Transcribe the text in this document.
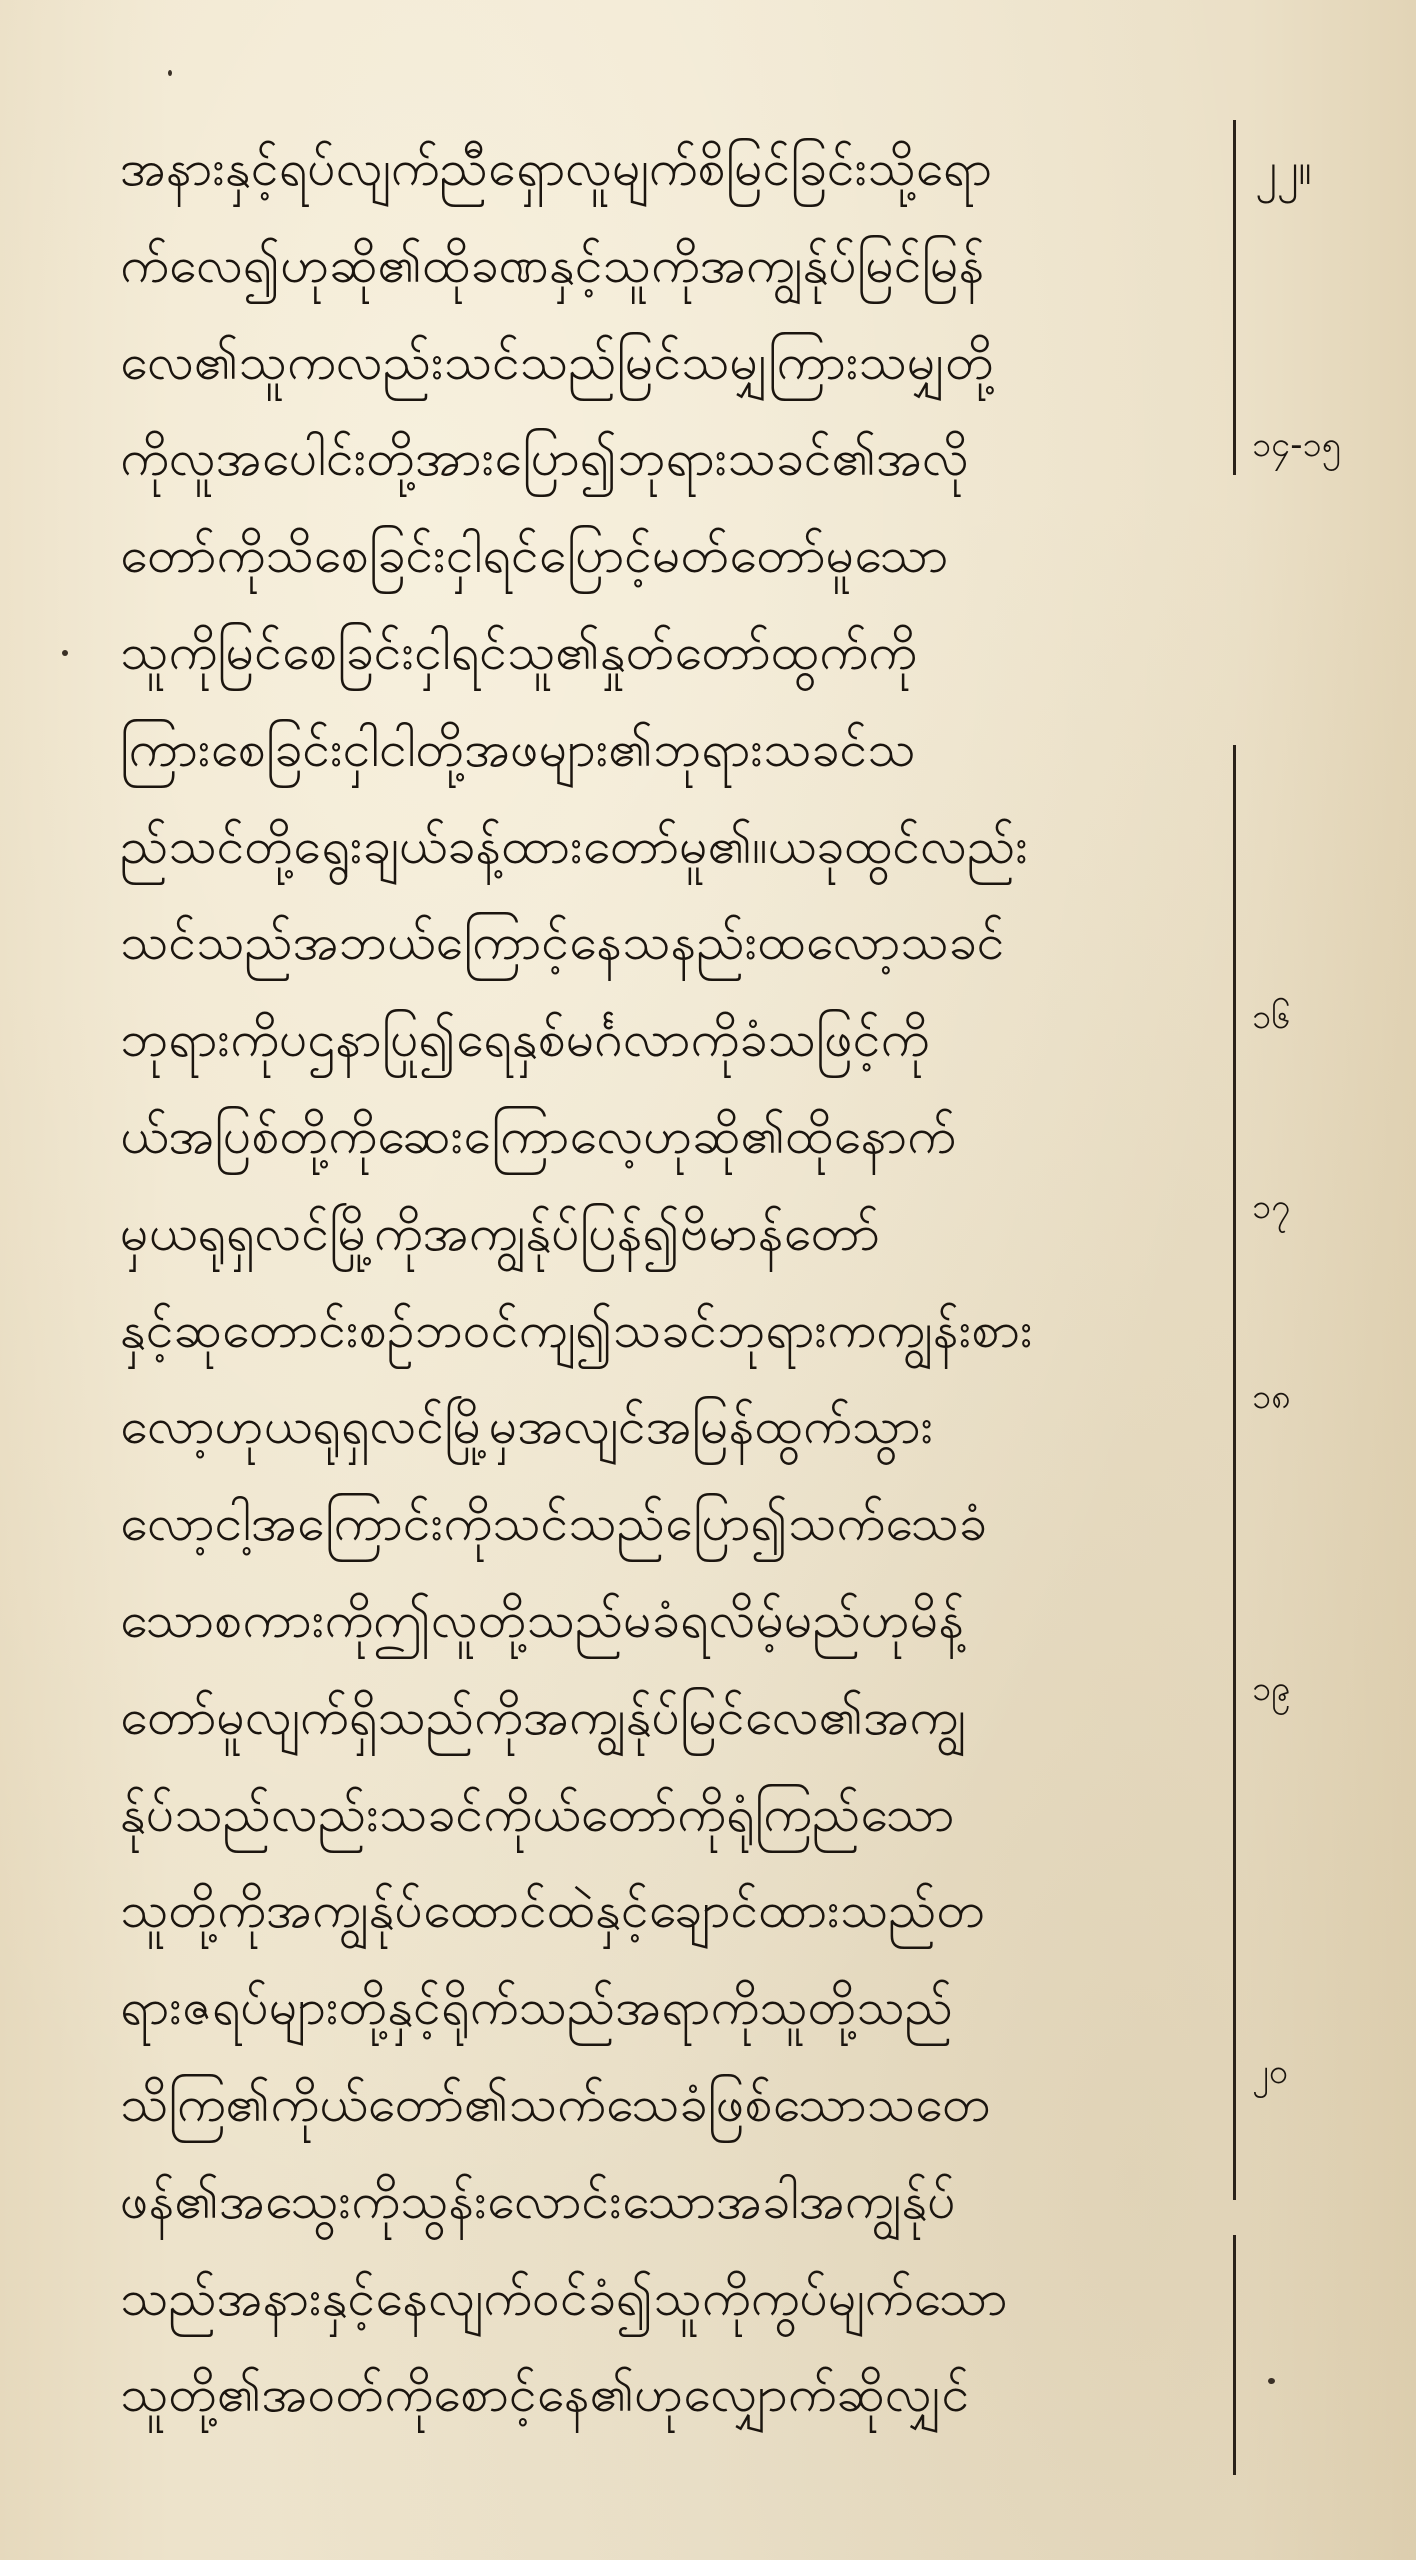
၂၂။
၁၄-၁၅
၁၆
၁၇
၁၈
၁၉
၂၀
အနားနှင့်ရပ်လျက်ညီရှောလူမျက်စိမြင်ခြင်းသို့ရော
က်လေ၍ဟုဆို၏ထိုခဏနှင့်သူကိုအကျွန်ုပ်မြင်မြန်
လေ၏သူကလည်းသင်သည်မြင်သမျှကြားသမျှတို့
ကိုလူအပေါင်းတို့အားပြော၍ဘုရားသခင်၏အလို
တော်ကိုသိစေခြင်းငှါရင်ပြောင့်မတ်တော်မူသော
သူကိုမြင်စေခြင်းငှါရင်သူ၏နှုတ်တော်ထွက်ကို
ကြားစေခြင်းငှါငါတို့အဖများ၏ဘုရားသခင်သ
ည်သင်တို့ရွေးချယ်ခန့်ထားတော်မူ၏။ယခုထွင်လည်း
သင်သည်အဘယ်ကြောင့်နေသနည်းထလော့သခင်
ဘုရားကိုပဌနာပြု၍ရေနှစ်မင်္ဂလာကိုခံသဖြင့်ကို
ယ်အပြစ်တို့ကိုဆေးကြောလေ့ဟုဆို၏ထိုနောက်
မှယရုရှလင်မြို့ကိုအကျွန်ုပ်ပြန်၍ဗိမာန်တော်
နှင့်ဆုတောင်းစဉ်ဘဝင်ကျ၍သခင်ဘုရားကကျွန်းစား
လော့ဟုယရုရှလင်မြို့မှအလျင်အမြန်ထွက်သွား
လော့ငါ့အကြောင်းကိုသင်သည်ပြော၍သက်သေခံ
သောစကားကိုဤလူတို့သည်မခံရလိမ့်မည်ဟုမိန့်
တော်မူလျက်ရှိသည်ကိုအကျွန်ုပ်မြင်လေ၏အကျွ
န်ုပ်သည်လည်းသခင်ကိုယ်တော်ကိုရုံကြည်သော
သူတို့ကိုအကျွန်ုပ်ထောင်ထဲနှင့်ချောင်ထားသည်တ
ရားဇရပ်များတို့နှင့်ရိုက်သည်အရာကိုသူတို့သည်
သိကြ၏ကိုယ်တော်၏သက်သေခံဖြစ်သောသတေ
ဖန်၏အသွေးကိုသွန်းလောင်းသောအခါအကျွန်ုပ်
သည်အနားနှင့်နေလျက်ဝင်ခံ၍သူကိုကွပ်မျက်သော
သူတို့၏အဝတ်ကိုစောင့်နေ၏ဟုလျှောက်ဆိုလျှင်
